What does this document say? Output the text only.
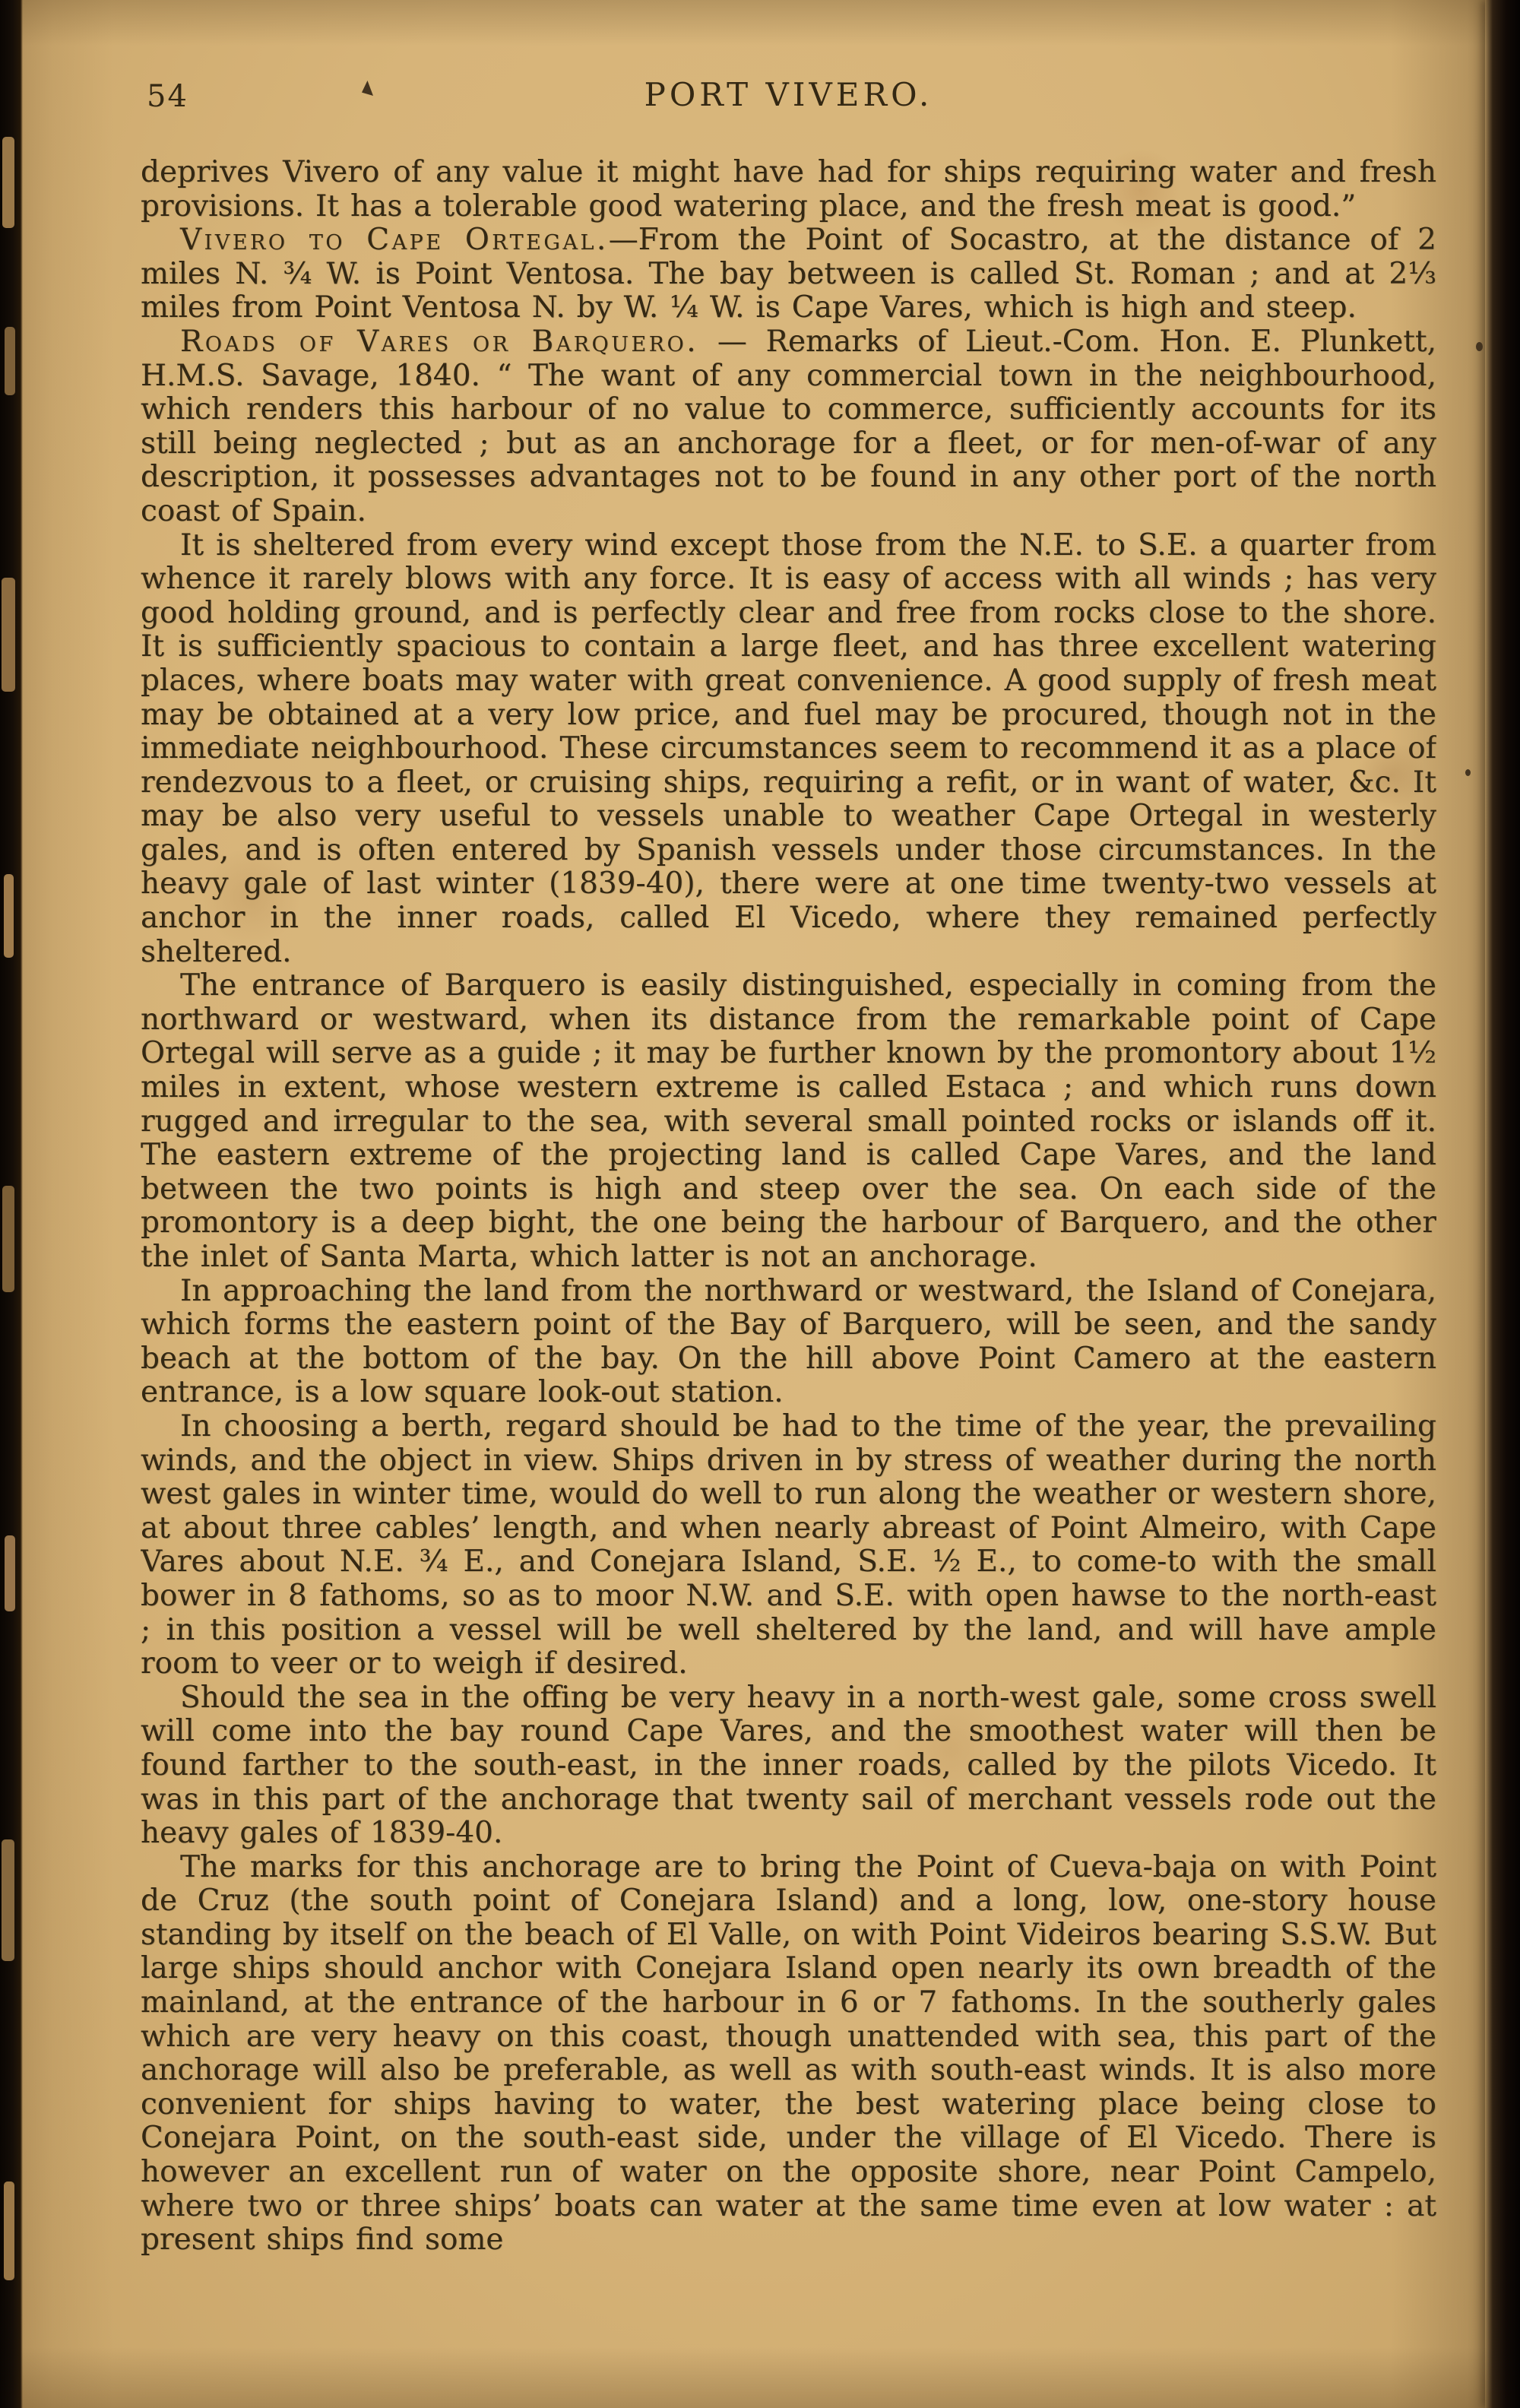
54	PORT VIVERO.

deprives Vivero of any value it might have had for ships requiring water and fresh provisions. It has a tolerable good watering place, and the fresh meat is good.”

Vivero to Cape Ortegal.—From the Point of Socastro, at the distance of 2 miles N. ¾ W. is Point Ventosa. The bay between is called St. Roman ; and at 2⅓ miles from Point Ventosa N. by W. ¼ W. is Cape Vares, which is high and steep.

Roads of Vares or Barquero. — Remarks of Lieut.-Com. Hon. E. Plunkett, H.M.S. Savage, 1840. “ The want of any commercial town in the neighbourhood, which renders this harbour of no value to commerce, sufficiently accounts for its still being neglected ; but as an anchorage for a fleet, or for men-of-war of any description, it possesses advantages not to be found in any other port of the north coast of Spain.

It is sheltered from every wind except those from the N.E. to S.E. a quarter from whence it rarely blows with any force. It is easy of access with all winds ; has very good holding ground, and is perfectly clear and free from rocks close to the shore. It is sufficiently spacious to contain a large fleet, and has three excellent watering places, where boats may water with great convenience. A good supply of fresh meat may be obtained at a very low price, and fuel may be procured, though not in the immediate neighbourhood. These circumstances seem to recommend it as a place of rendezvous to a fleet, or cruising ships, requiring a refit, or in want of water, &c. It may be also very useful to vessels unable to weather Cape Ortegal in westerly gales, and is often entered by Spanish vessels under those circumstances. In the heavy gale of last winter (1839-40), there were at one time twenty-two vessels at anchor in the inner roads, called El Vicedo, where they remained perfectly sheltered.

The entrance of Barquero is easily distinguished, especially in coming from the northward or westward, when its distance from the remarkable point of Cape Ortegal will serve as a guide ; it may be further known by the promontory about 1½ miles in extent, whose western extreme is called Estaca ; and which runs down rugged and irregular to the sea, with several small pointed rocks or islands off it. The eastern extreme of the projecting land is called Cape Vares, and the land between the two points is high and steep over the sea. On each side of the promontory is a deep bight, the one being the harbour of Barquero, and the other the inlet of Santa Marta, which latter is not an anchorage.

In approaching the land from the northward or westward, the Island of Conejara, which forms the eastern point of the Bay of Barquero, will be seen, and the sandy beach at the bottom of the bay. On the hill above Point Camero at the eastern entrance, is a low square look-out station.

In choosing a berth, regard should be had to the time of the year, the prevailing winds, and the object in view. Ships driven in by stress of weather during the north west gales in winter time, would do well to run along the weather or western shore, at about three cables’ length, and when nearly abreast of Point Almeiro, with Cape Vares about N.E. ¾ E., and Conejara Island, S.E. ½ E., to come-to with the small bower in 8 fathoms, so as to moor N.W. and S.E. with open hawse to the north-east ; in this position a vessel will be well sheltered by the land, and will have ample room to veer or to weigh if desired.

Should the sea in the offing be very heavy in a north-west gale, some cross swell will come into the bay round Cape Vares, and the smoothest water will then be found farther to the south-east, in the inner roads, called by the pilots Vicedo. It was in this part of the anchorage that twenty sail of merchant vessels rode out the heavy gales of 1839-40.

The marks for this anchorage are to bring the Point of Cueva-baja on with Point de Cruz (the south point of Conejara Island) and a long, low, one-story house standing by itself on the beach of El Valle, on with Point Videiros bearing S.S.W. But large ships should anchor with Conejara Island open nearly its own breadth of the mainland, at the entrance of the harbour in 6 or 7 fathoms. In the southerly gales which are very heavy on this coast, though unattended with sea, this part of the anchorage will also be preferable, as well as with south-east winds. It is also more convenient for ships having to water, the best watering place being close to Conejara Point, on the south-east side, under the village of El Vicedo. There is however an excellent run of water on the opposite shore, near Point Campelo, where two or three ships’ boats can water at the same time even at low water : at present ships find some
